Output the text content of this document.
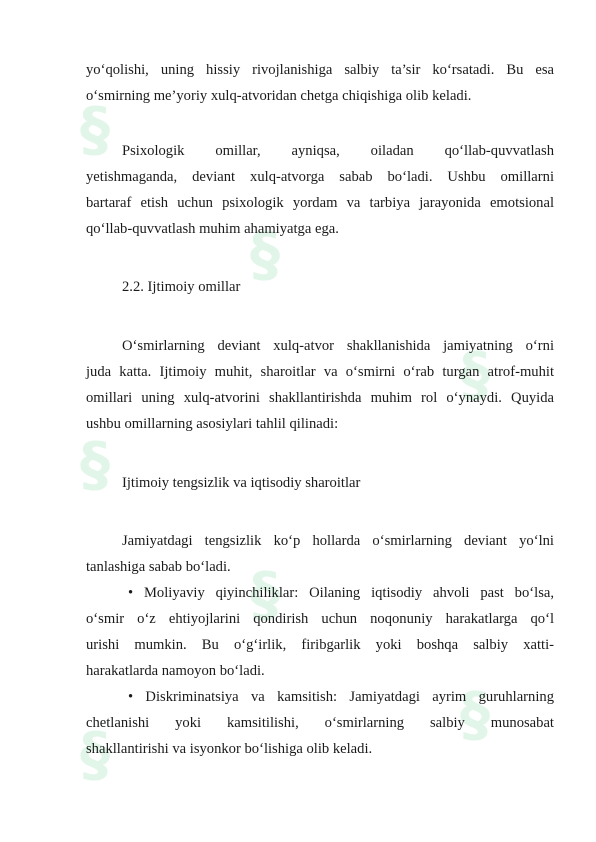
§
§
§
§
§
§
§
yo‘qolishi, uning hissiy rivojlanishiga salbiy ta’sir ko‘rsatadi. Bu esa
o‘smirning me’yoriy xulq-atvoridan chetga chiqishiga olib keladi.
Psixologik omillar, ayniqsa, oiladan qo‘llab-quvvatlash
yetishmaganda, deviant xulq-atvorga sabab bo‘ladi. Ushbu omillarni
bartaraf etish uchun psixologik yordam va tarbiya jarayonida emotsional
qo‘llab-quvvatlash muhim ahamiyatga ega.
2.2. Ijtimoiy omillar
O‘smirlarning deviant xulq-atvor shakllanishida jamiyatning o‘rni
juda katta. Ijtimoiy muhit, sharoitlar va o‘smirni o‘rab turgan atrof-muhit
omillari uning xulq-atvorini shakllantirishda muhim rol o‘ynaydi. Quyida
ushbu omillarning asosiylari tahlil qilinadi:
Ijtimoiy tengsizlik va iqtisodiy sharoitlar
Jamiyatdagi tengsizlik ko‘p hollarda o‘smirlarning deviant yo‘lni
tanlashiga sabab bo‘ladi.
• Moliyaviy qiyinchiliklar: Oilaning iqtisodiy ahvoli past bo‘lsa,
o‘smir o‘z ehtiyojlarini qondirish uchun noqonuniy harakatlarga qo‘l
urishi mumkin. Bu o‘g‘irlik, firibgarlik yoki boshqa salbiy xatti-
harakatlarda namoyon bo‘ladi.
• Diskriminatsiya va kamsitish: Jamiyatdagi ayrim guruhlarning
chetlanishi yoki kamsitilishi, o‘smirlarning salbiy munosabat
shakllantirishi va isyonkor bo‘lishiga olib keladi.
